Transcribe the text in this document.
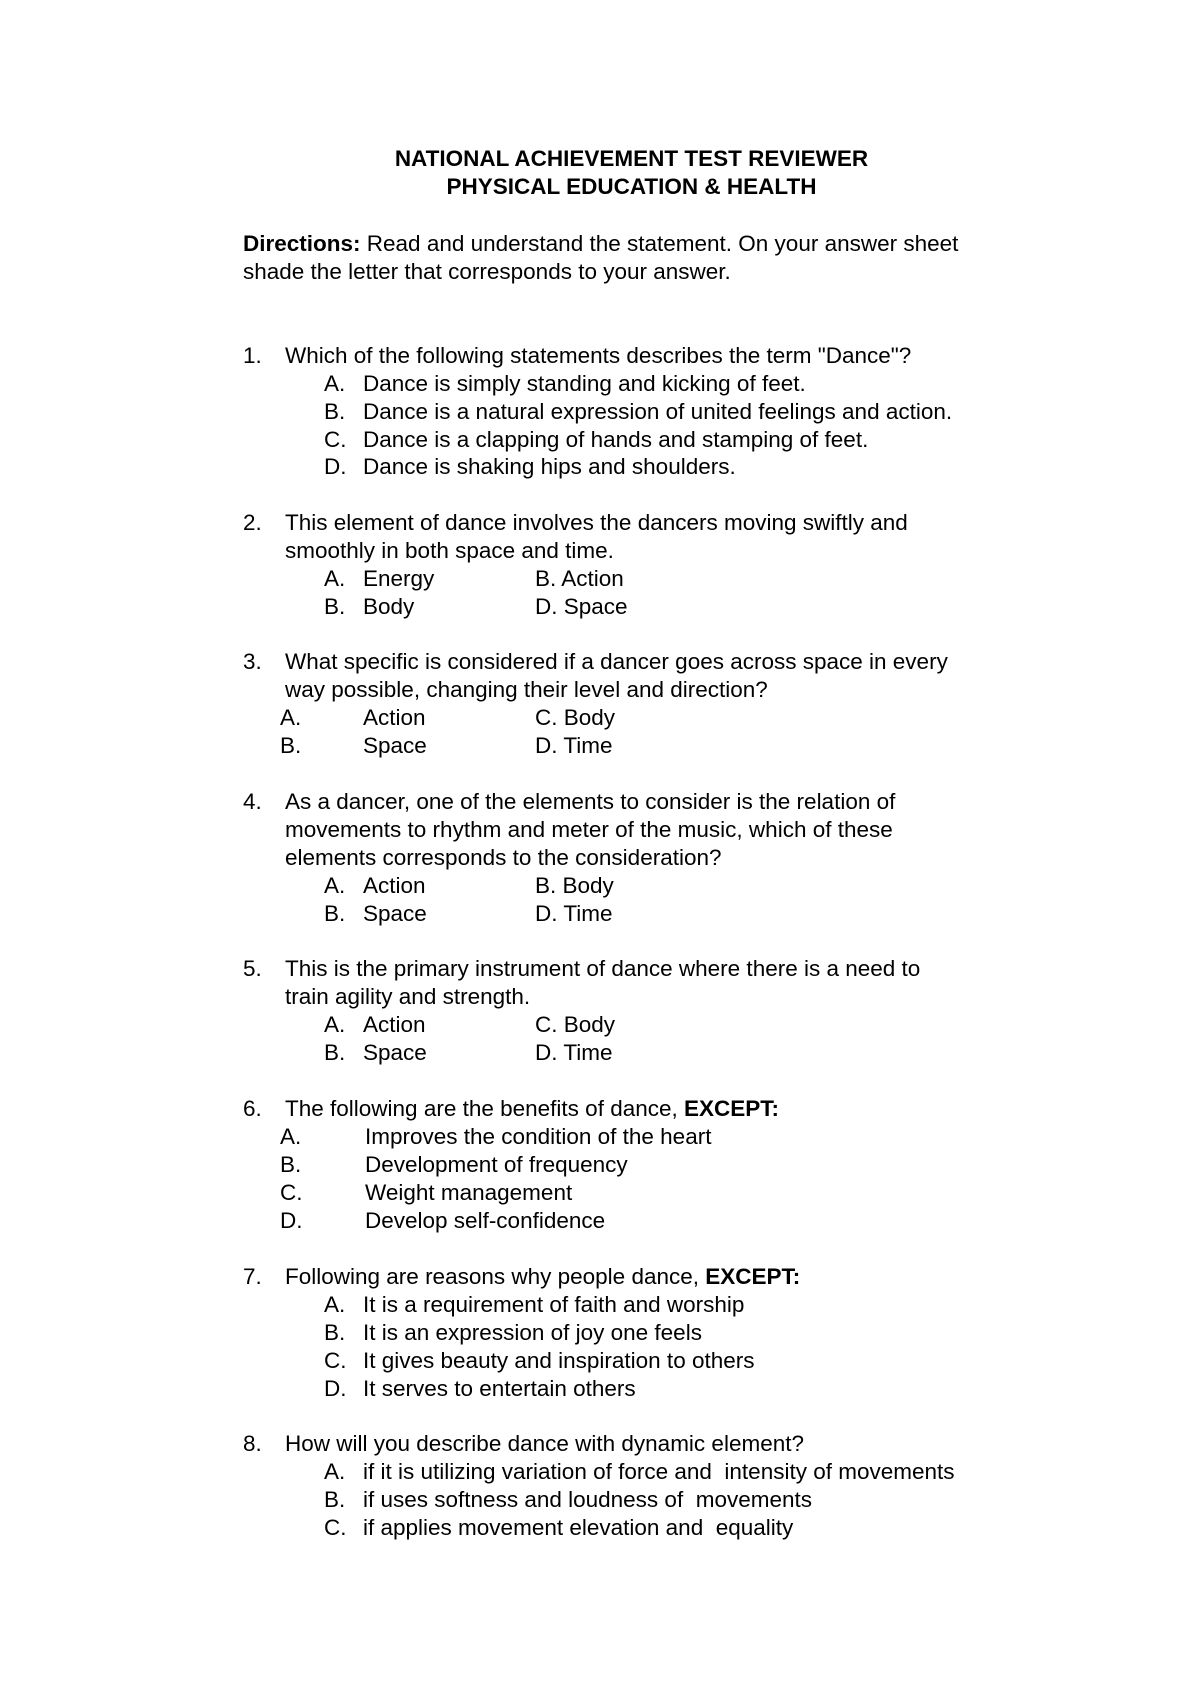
NATIONAL ACHIEVEMENT TEST REVIEWER
PHYSICAL EDUCATION & HEALTH
Directions: Read and understand the statement. On your answer sheet
shade the letter that corresponds to your answer.
1. Which of the following statements describes the term "Dance"?
A. Dance is simply standing and kicking of feet.
B. Dance is a natural expression of united feelings and action.
C. Dance is a clapping of hands and stamping of feet.
D. Dance is shaking hips and shoulders.
2. This element of dance involves the dancers moving swiftly and
smoothly in both space and time.
A. Energy	B. Action
B. Body	D. Space
3. What specific is considered if a dancer goes across space in every
way possible, changing their level and direction?
A.	Action	C. Body
B.	Space	D. Time
4. As a dancer, one of the elements to consider is the relation of
movements to rhythm and meter of the music, which of these
elements corresponds to the consideration?
A. Action	B. Body
B. Space	D. Time
5. This is the primary instrument of dance where there is a need to
train agility and strength.
A. Action	C. Body
B. Space	D. Time
6. The following are the benefits of dance, EXCEPT:
A.	Improves the condition of the heart
B.	Development of frequency
C.	Weight management
D.	Develop self-confidence
7. Following are reasons why people dance, EXCEPT:
A. It is a requirement of faith and worship
B. It is an expression of joy one feels
C. It gives beauty and inspiration to others
D. It serves to entertain others
8. How will you describe dance with dynamic element?
A. if it is utilizing variation of force and  intensity of movements
B. if uses softness and loudness of  movements
C. if applies movement elevation and  equality
